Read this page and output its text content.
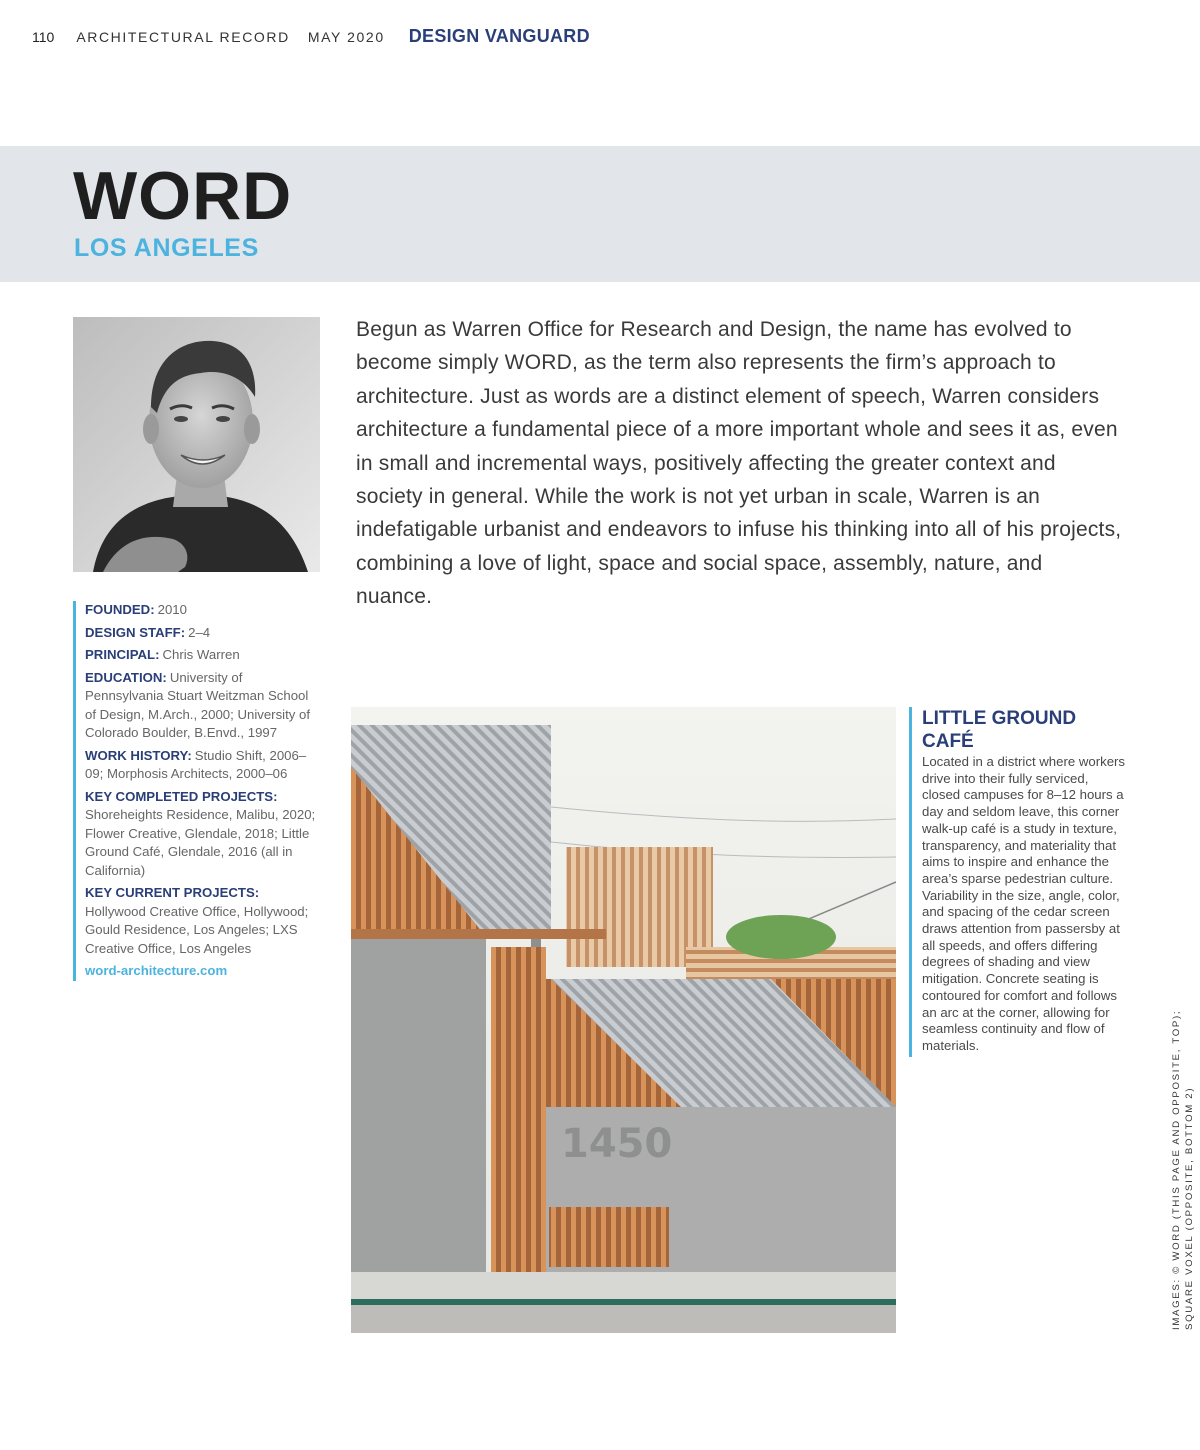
110 ARCHITECTURAL RECORD MAY 2020 DESIGN VANGUARD
WORD
LOS ANGELES
FOUNDED: 2010
DESIGN STAFF: 2–4
PRINCIPAL: Chris Warren
EDUCATION: University of Pennsylvania Stuart Weitzman School of Design, M.Arch., 2000; University of Colorado Boulder, B.Envd., 1997
WORK HISTORY: Studio Shift, 2006–09; Morphosis Architects, 2000–06
KEY COMPLETED PROJECTS:
Shoreheights Residence, Malibu, 2020; Flower Creative, Glendale, 2018; Little Ground Café, Glendale, 2016 (all in California)
KEY CURRENT PROJECTS:
Hollywood Creative Office, Hollywood; Gould Residence, Los Angeles; LXS Creative Office, Los Angeles
word-architecture.com

Begun as Warren Office for Research and Design, the name has evolved to become simply WORD, as the term also represents the firm’s approach to architecture. Just as words are a distinct element of speech, Warren considers architecture a fundamental piece of a more important whole and sees it as, even in small and incremental ways, positively affecting the greater context and society in general. While the work is not yet urban in scale, Warren is an indefatigable urbanist and endeavors to infuse his thinking into all of his projects, combining a love of light, space and social space, assembly, nature, and nuance.

1450
LITTLE GROUND CAFÉ
Located in a district where workers drive into their fully serviced, closed campuses for 8–12 hours a day and seldom leave, this corner walk-up café is a study in texture, transparency, and materiality that aims to inspire and enhance the area’s sparse pedestrian culture. Variability in the size, angle, color, and spacing of the cedar screen draws attention from passersby at all speeds, and offers differing degrees of shading and view mitigation. Concrete seating is contoured for comfort and follows an arc at the corner, allowing for seamless continuity and flow of materials.	IMAGES: © WORD (THIS PAGE AND OPPOSITE, TOP); SQUARE VOXEL (OPPOSITE, BOTTOM 2)
